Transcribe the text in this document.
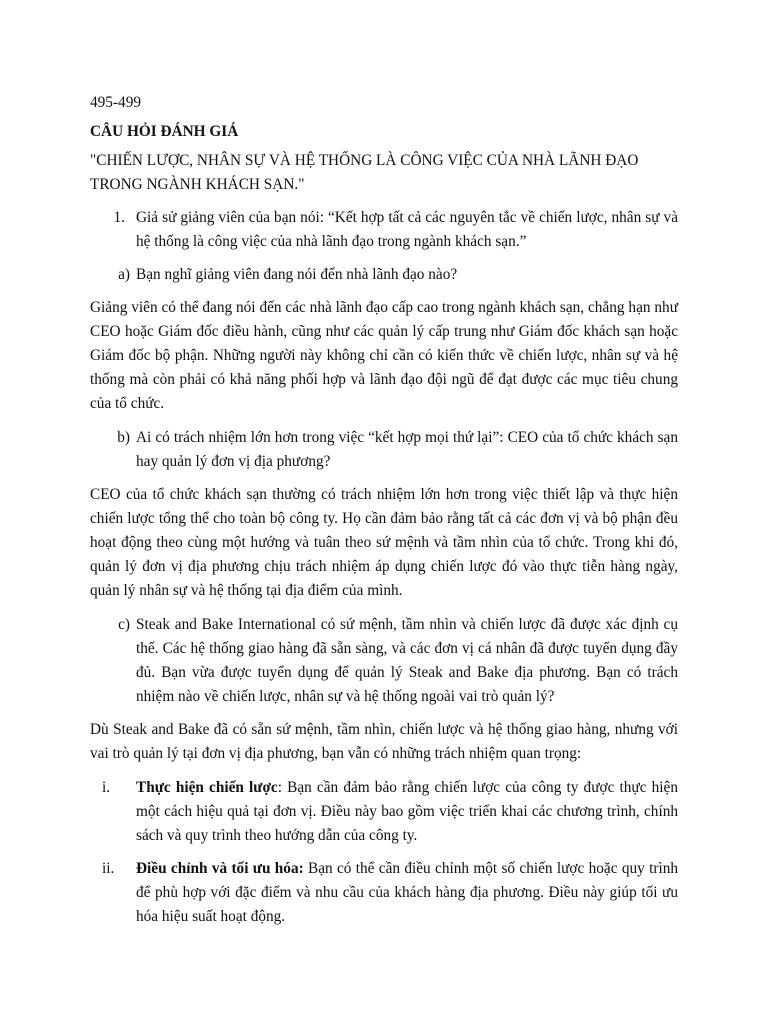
495-499

CÂU HỎI ĐÁNH GIÁ

"CHIẾN LƯỢC, NHÂN SỰ VÀ HỆ THỐNG LÀ CÔNG VIỆC CỦA NHÀ LÃNH ĐẠO TRONG NGÀNH KHÁCH SẠN."

1. Giả sử giảng viên của bạn nói: “Kết hợp tất cả các nguyên tắc về chiến lược, nhân sự và hệ thống là công việc của nhà lãnh đạo trong ngành khách sạn.”
a) Bạn nghĩ giảng viên đang nói đến nhà lãnh đạo nào?

Giảng viên có thể đang nói đến các nhà lãnh đạo cấp cao trong ngành khách sạn, chẳng hạn như CEO hoặc Giám đốc điều hành, cũng như các quản lý cấp trung như Giám đốc khách sạn hoặc Giám đốc bộ phận. Những người này không chỉ cần có kiến thức về chiến lược, nhân sự và hệ thống mà còn phải có khả năng phối hợp và lãnh đạo đội ngũ để đạt được các mục tiêu chung của tổ chức.

b) Ai có trách nhiệm lớn hơn trong việc “kết hợp mọi thứ lại”: CEO của tổ chức khách sạn hay quản lý đơn vị địa phương?

CEO của tổ chức khách sạn thường có trách nhiệm lớn hơn trong việc thiết lập và thực hiện chiến lược tổng thể cho toàn bộ công ty. Họ cần đảm bảo rằng tất cả các đơn vị và bộ phận đều hoạt động theo cùng một hướng và tuân theo sứ mệnh và tầm nhìn của tổ chức. Trong khi đó, quản lý đơn vị địa phương chịu trách nhiệm áp dụng chiến lược đó vào thực tiễn hàng ngày, quản lý nhân sự và hệ thống tại địa điểm của mình.

c) Steak and Bake International có sứ mệnh, tầm nhìn và chiến lược đã được xác định cụ thể. Các hệ thống giao hàng đã sẵn sàng, và các đơn vị cá nhân đã được tuyển dụng đầy đủ. Bạn vừa được tuyển dụng để quản lý Steak and Bake địa phương. Bạn có trách nhiệm nào về chiến lược, nhân sự và hệ thống ngoài vai trò quản lý?

Dù Steak and Bake đã có sẵn sứ mệnh, tầm nhìn, chiến lược và hệ thống giao hàng, nhưng với vai trò quản lý tại đơn vị địa phương, bạn vẫn có những trách nhiệm quan trọng:

i. Thực hiện chiến lược: Bạn cần đảm bảo rằng chiến lược của công ty được thực hiện một cách hiệu quả tại đơn vị. Điều này bao gồm việc triển khai các chương trình, chính sách và quy trình theo hướng dẫn của công ty.
ii. Điều chỉnh và tối ưu hóa: Bạn có thể cần điều chỉnh một số chiến lược hoặc quy trình để phù hợp với đặc điểm và nhu cầu của khách hàng địa phương. Điều này giúp tối ưu hóa hiệu suất hoạt động.
